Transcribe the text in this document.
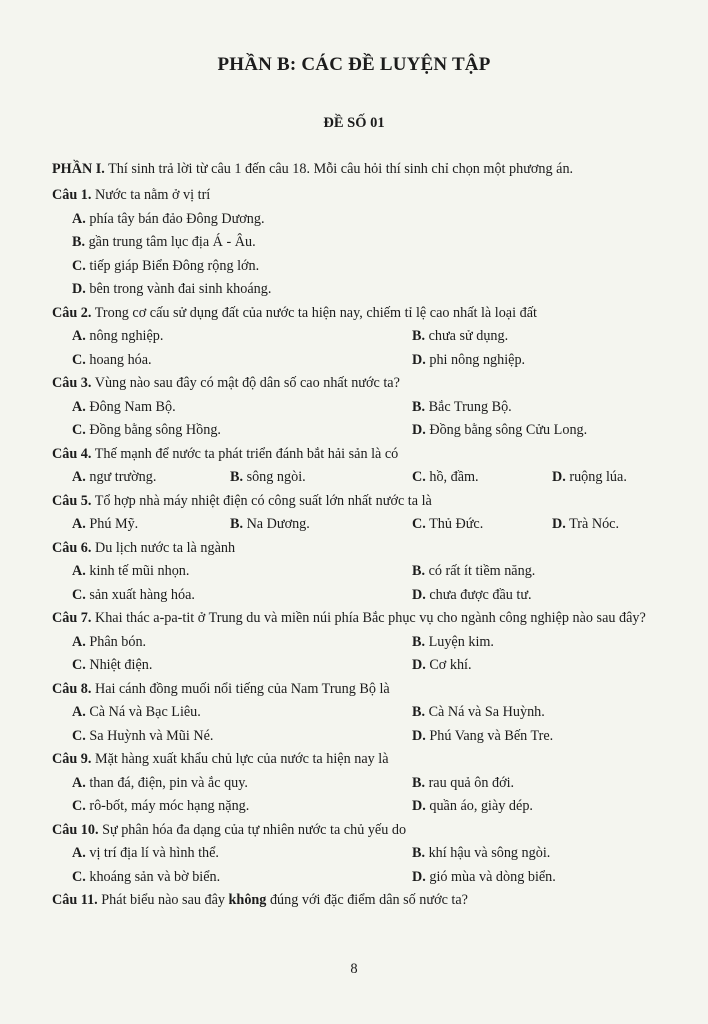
PHẦN B: CÁC ĐỀ LUYỆN TẬP
ĐỀ SỐ 01
PHẦN I. Thí sinh trả lời từ câu 1 đến câu 18. Mỗi câu hỏi thí sinh chỉ chọn một phương án.
Câu 1. Nước ta nằm ở vị trí
A. phía tây bán đảo Đông Dương.
B. gần trung tâm lục địa Á - Âu.
C. tiếp giáp Biển Đông rộng lớn.
D. bên trong vành đai sinh khoáng.
Câu 2. Trong cơ cấu sử dụng đất của nước ta hiện nay, chiếm tỉ lệ cao nhất là loại đất
A. nông nghiệp.	B. chưa sử dụng.
C. hoang hóa.	D. phi nông nghiệp.
Câu 3. Vùng nào sau đây có mật độ dân số cao nhất nước ta?
A. Đông Nam Bộ.	B. Bắc Trung Bộ.
C. Đồng bằng sông Hồng.	D. Đồng bằng sông Cửu Long.
Câu 4. Thế mạnh để nước ta phát triển đánh bắt hải sản là có
A. ngư trường.	B. sông ngòi.	C. hồ, đầm.	D. ruộng lúa.
Câu 5. Tổ hợp nhà máy nhiệt điện có công suất lớn nhất nước ta là
A. Phú Mỹ.	B. Na Dương.	C. Thủ Đức.	D. Trà Nóc.
Câu 6. Du lịch nước ta là ngành
A. kinh tế mũi nhọn.	B. có rất ít tiềm năng.
C. sản xuất hàng hóa.	D. chưa được đầu tư.
Câu 7. Khai thác a-pa-tit ở Trung du và miền núi phía Bắc phục vụ cho ngành công nghiệp nào sau đây?
A. Phân bón.	B. Luyện kim.
C. Nhiệt điện.	D. Cơ khí.
Câu 8. Hai cánh đồng muối nổi tiếng của Nam Trung Bộ là
A. Cà Ná và Bạc Liêu.	B. Cà Ná và Sa Huỳnh.
C. Sa Huỳnh và Mũi Né.	D. Phú Vang và Bến Tre.
Câu 9. Mặt hàng xuất khẩu chủ lực của nước ta hiện nay là
A. than đá, điện, pin và ắc quy.	B. rau quả ôn đới.
C. rô-bốt, máy móc hạng nặng.	D. quần áo, giày dép.
Câu 10. Sự phân hóa đa dạng của tự nhiên nước ta chủ yếu do
A. vị trí địa lí và hình thể.	B. khí hậu và sông ngòi.
C. khoáng sản và bờ biển.	D. gió mùa và dòng biển.
Câu 11. Phát biểu nào sau đây không đúng với đặc điểm dân số nước ta?
8
